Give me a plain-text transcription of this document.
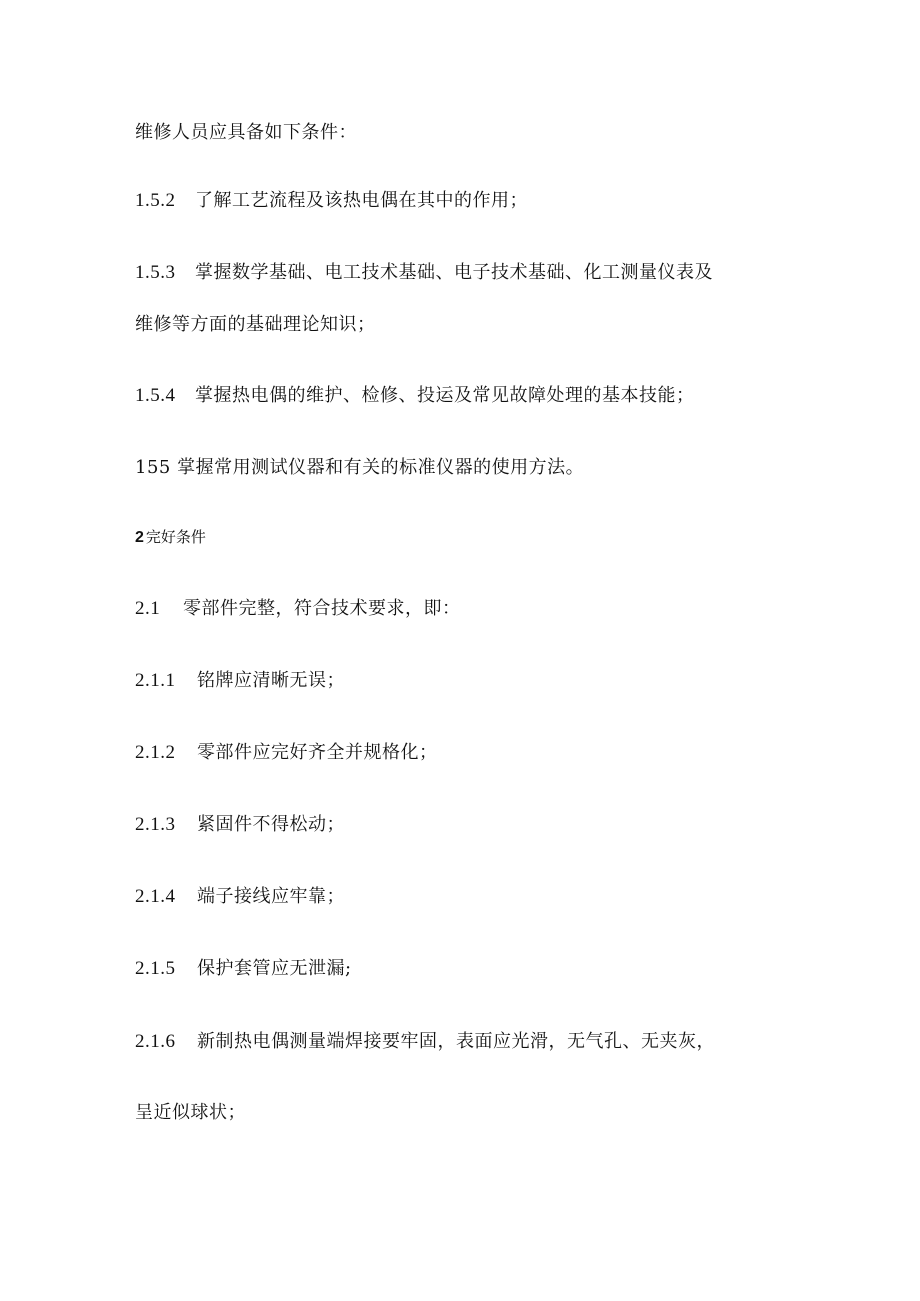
维修人员应具备如下条件：
1.5.2 了解工艺流程及该热电偶在其中的作用；
1.5.3 掌握数学基础、电工技术基础、电子技术基础、化工测量仪表及
维修等方面的基础理论知识；
1.5.4 掌握热电偶的维护、检修、投运及常见故障处理的基本技能；
155 掌握常用测试仪器和有关的标准仪器的使用方法。
2 完好条件
2.1 零部件完整，符合技术要求，即：
2.1.1 铭牌应清晰无误；
2.1.2 零部件应完好齐全并规格化；
2.1.3 紧固件不得松动；
2.1.4 端子接线应牢靠；
2.1.5 保护套管应无泄漏;
2.1.6 新制热电偶测量端焊接要牢固，表面应光滑，无气孔、无夹灰，
呈近似球状；
